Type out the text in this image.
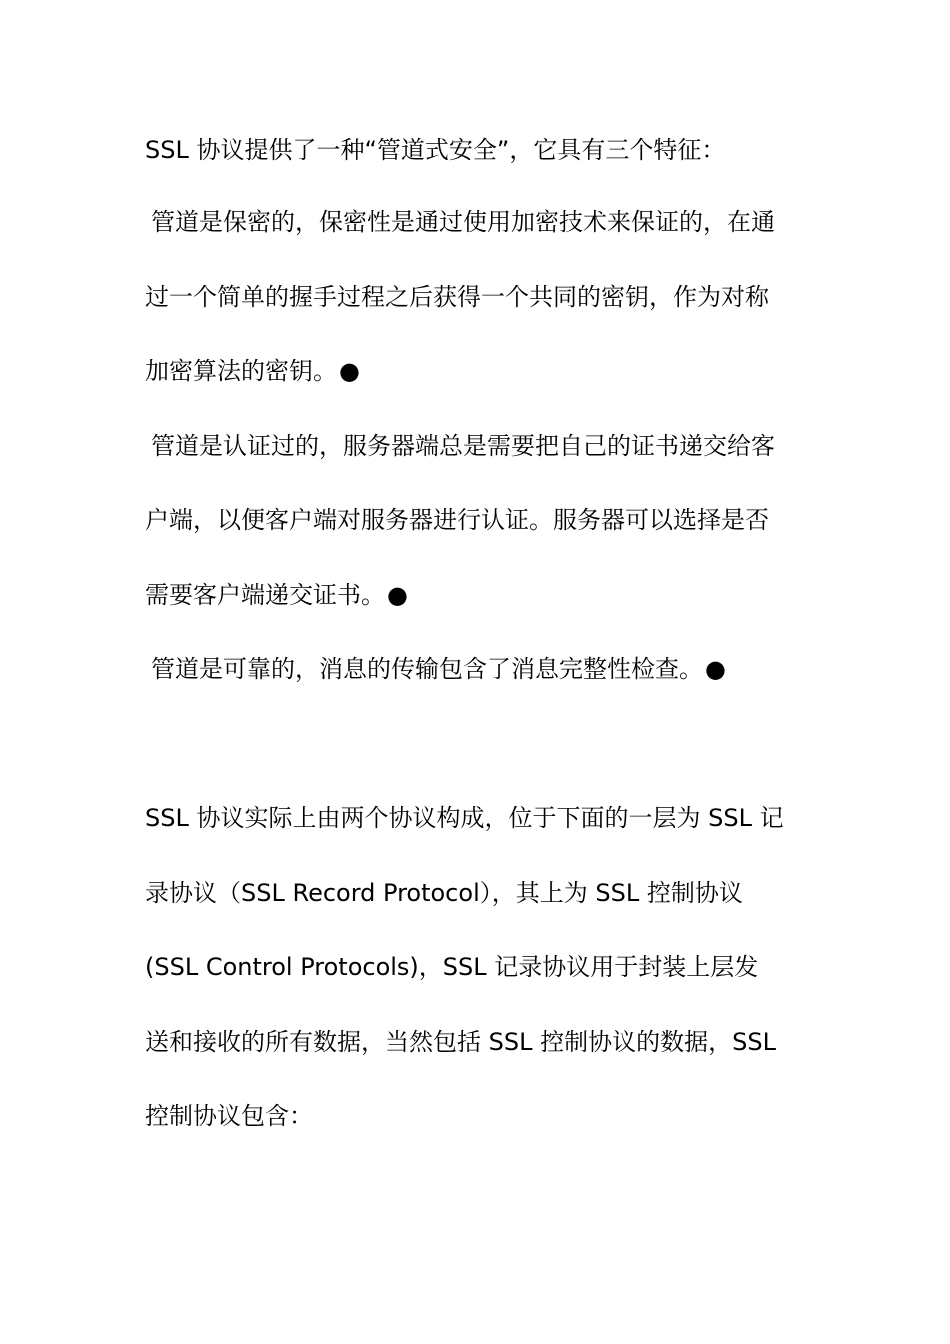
SSL 协议提供了一种“管道式安全”，它具有三个特征：
管道是保密的，保密性是通过使用加密技术来保证的，在通
过一个简单的握手过程之后获得一个共同的密钥，作为对称
加密算法的密钥。●
管道是认证过的，服务器端总是需要把自己的证书递交给客
户端，以便客户端对服务器进行认证。服务器可以选择是否
需要客户端递交证书。●
管道是可靠的，消息的传输包含了消息完整性检查。●
SSL 协议实际上由两个协议构成，位于下面的一层为 SSL 记
录协议（SSL Record Protocol），其上为 SSL 控制协议
(SSL Control Protocols)，SSL 记录协议用于封装上层发
送和接收的所有数据，当然包括 SSL 控制协议的数据，SSL
控制协议包含：
